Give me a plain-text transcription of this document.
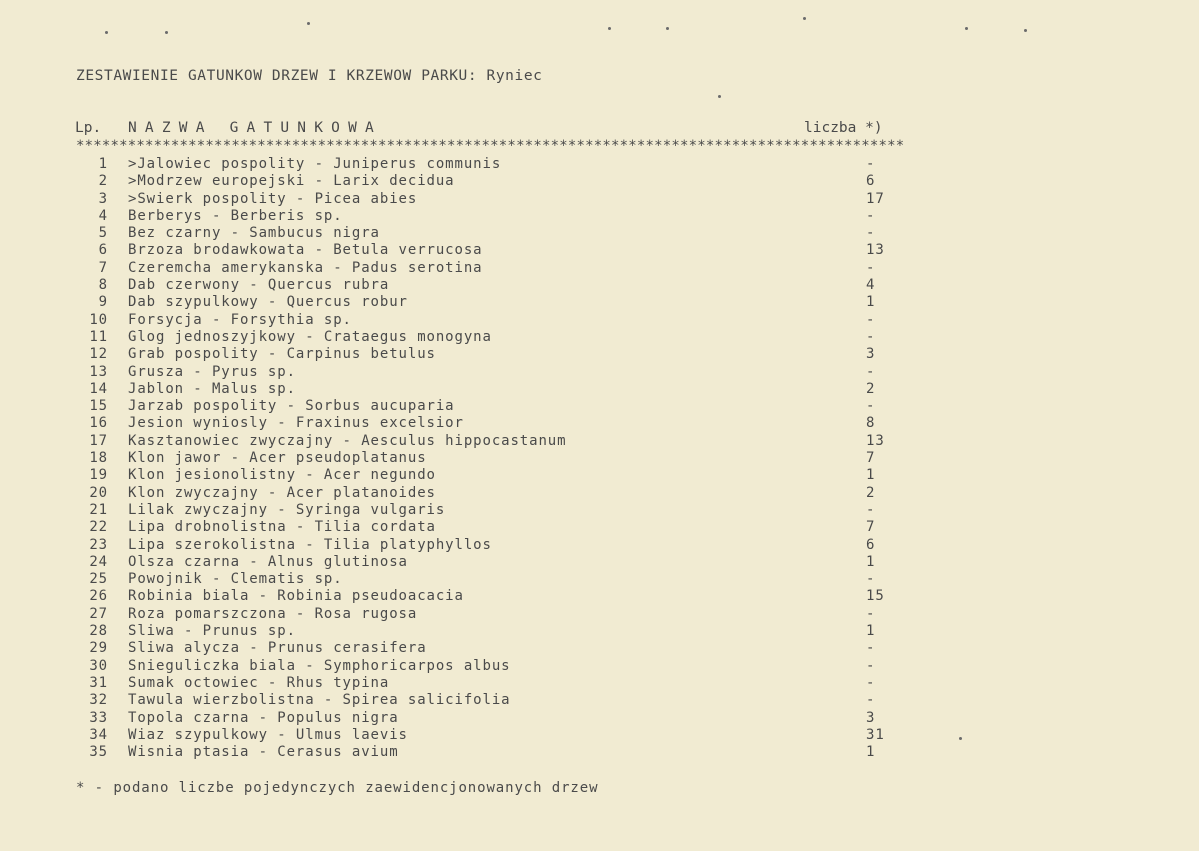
ZESTAWIENIE GATUNKOW DRZEW I KRZEWOW PARKU: Ryniec
Lp. NAZWA GATUNKOWA	liczba *)
************************************************************************************************
1 >Jalowiec pospolity - Juniperus communis	-
2 >Modrzew europejski - Larix decidua	6
3 >Swierk pospolity - Picea abies	17
4 Berberys - Berberis sp.	-
5 Bez czarny - Sambucus nigra	-
6 Brzoza brodawkowata - Betula verrucosa	13
7 Czeremcha amerykanska - Padus serotina	-
8 Dab czerwony - Quercus rubra	4
9 Dab szypulkowy - Quercus robur	1
10 Forsycja - Forsythia sp.	-
11 Glog jednoszyjkowy - Crataegus monogyna	-
12 Grab pospolity - Carpinus betulus	3
13 Grusza - Pyrus sp.	-
14 Jablon - Malus sp.	2
15 Jarzab pospolity - Sorbus aucuparia	-
16 Jesion wyniosly - Fraxinus excelsior	8
17 Kasztanowiec zwyczajny - Aesculus hippocastanum	13
18 Klon jawor - Acer pseudoplatanus	7
19 Klon jesionolistny - Acer negundo	1
20 Klon zwyczajny - Acer platanoides	2
21 Lilak zwyczajny - Syringa vulgaris	-
22 Lipa drobnolistna - Tilia cordata	7
23 Lipa szerokolistna - Tilia platyphyllos	6
24 Olsza czarna - Alnus glutinosa	1
25 Powojnik - Clematis sp.	-
26 Robinia biala - Robinia pseudoacacia	15
27 Roza pomarszczona - Rosa rugosa	-
28 Sliwa - Prunus sp.	1
29 Sliwa alycza - Prunus cerasifera	-
30 Snieguliczka biala - Symphoricarpos albus	-
31 Sumak octowiec - Rhus typina	-
32 Tawula wierzbolistna - Spirea salicifolia	-
33 Topola czarna - Populus nigra	3
34 Wiaz szypulkowy - Ulmus laevis	31
35 Wisnia ptasia - Cerasus avium	1
* - podano liczbe pojedynczych zaewidencjonowanych drzew
